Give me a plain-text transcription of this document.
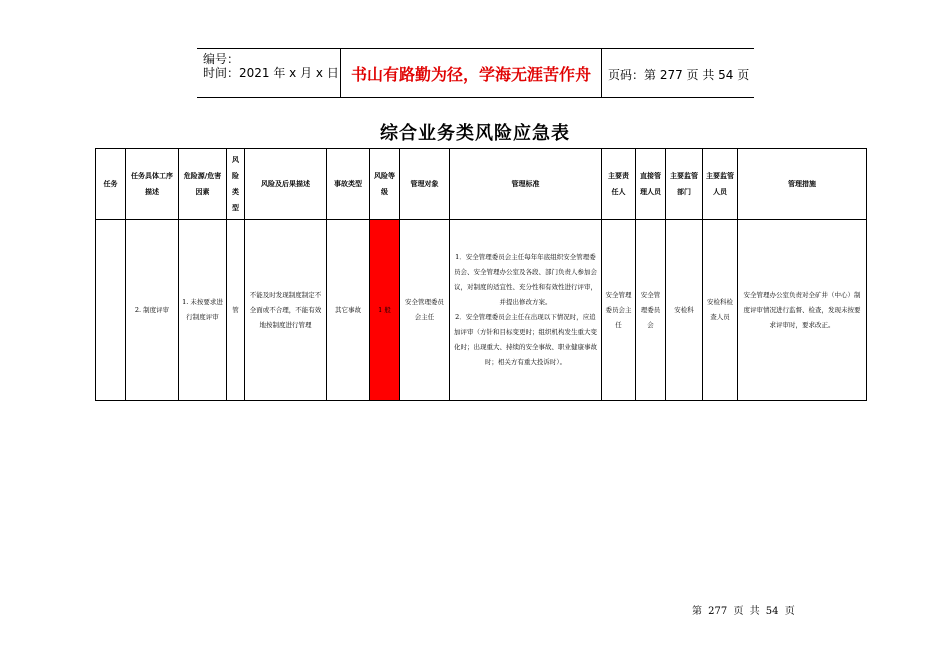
编号：
时间：2021 年 x 月 x 日 书山有路勤为径，学海无涯苦作舟	页码：第 277 页 共 54 页
综合业务类风险应急表
任务	任务具体工序描述	危险源/危害因素	风险类型	风险及后果描述	事故类型	风险等级	管理对象	管理标准	主要责任人	直接管理人员	主要监管部门	主要监管人员	管理措施
	2. 制度评审	1. 未按要求进行制度评审	管	不能及时发现制度制定不全面或不合理，不能有效地按制度进行管理	其它事故	1 般	安全管理委员会主任	1．安全管理委员会主任每年年底组织安全管理委员会、安全管理办公室及各段、部门负责人参加会议，对制度的适宜性、充分性和有效性进行评审，并提出修改方案。
2．安全管理委员会主任在出现以下情况时，应追加评审（方针和目标变更时；组织机构发生重大变化时；出现重大、持续的安全事故、职业健康事故时；相关方有重大投诉时）。	安全管理委员会主任	安全管理委员会	安检科	安检科检查人员	安全管理办公室负责对全矿井（中心）制度评审情况进行监督、检查，发现未按要求评审时，要求改正。
第 277 页 共 54 页
